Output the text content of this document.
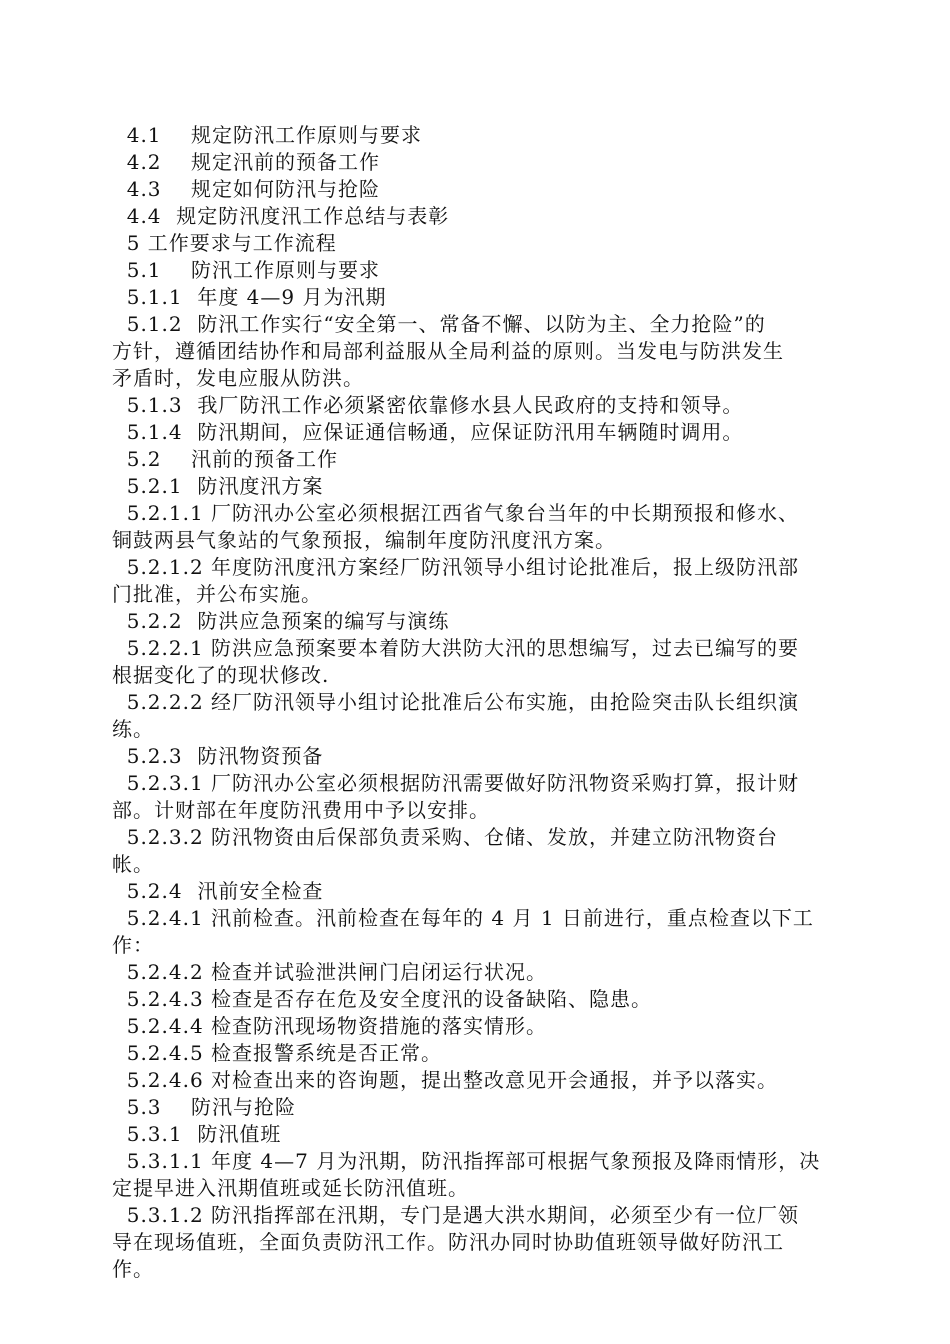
4.1    规定防汛工作原则与要求
4.2    规定汛前的预备工作
4.3    规定如何防汛与抢险
4.4  规定防汛度汛工作总结与表彰
5 工作要求与工作流程
5.1    防汛工作原则与要求
5.1.1  年度 4—9 月为汛期
5.1.2  防汛工作实行“安全第一、常备不懈、以防为主、全力抢险”的
方针，遵循团结协作和局部利益服从全局利益的原则。当发电与防洪发生
矛盾时，发电应服从防洪。
5.1.3  我厂防汛工作必须紧密依靠修水县人民政府的支持和领导。
5.1.4  防汛期间，应保证通信畅通，应保证防汛用车辆随时调用。
5.2    汛前的预备工作
5.2.1  防汛度汛方案
5.2.1.1 厂防汛办公室必须根据江西省气象台当年的中长期预报和修水、
铜鼓两县气象站的气象预报，编制年度防汛度汛方案。
5.2.1.2 年度防汛度汛方案经厂防汛领导小组讨论批准后，报上级防汛部
门批准，并公布实施。
5.2.2  防洪应急预案的编写与演练
5.2.2.1 防洪应急预案要本着防大洪防大汛的思想编写，过去已编写的要
根据变化了的现状修改.
5.2.2.2 经厂防汛领导小组讨论批准后公布实施，由抢险突击队长组织演
练。
5.2.3  防汛物资预备
5.2.3.1 厂防汛办公室必须根据防汛需要做好防汛物资采购打算，报计财
部。计财部在年度防汛费用中予以安排。
5.2.3.2 防汛物资由后保部负责采购、仓储、发放，并建立防汛物资台
帐。
5.2.4  汛前安全检查
5.2.4.1 汛前检查。汛前检查在每年的 4 月 1 日前进行，重点检查以下工
作：
5.2.4.2 检查并试验泄洪闸门启闭运行状况。
5.2.4.3 检查是否存在危及安全度汛的设备缺陷、隐患。
5.2.4.4 检查防汛现场物资措施的落实情形。
5.2.4.5 检查报警系统是否正常。
5.2.4.6 对检查出来的咨询题，提出整改意见开会通报，并予以落实。
5.3    防汛与抢险
5.3.1  防汛值班
5.3.1.1 年度 4—7 月为汛期，防汛指挥部可根据气象预报及降雨情形，决
定提早进入汛期值班或延长防汛值班。
5.3.1.2 防汛指挥部在汛期，专门是遇大洪水期间，必须至少有一位厂领
导在现场值班，全面负责防汛工作。防汛办同时协助值班领导做好防汛工
作。
